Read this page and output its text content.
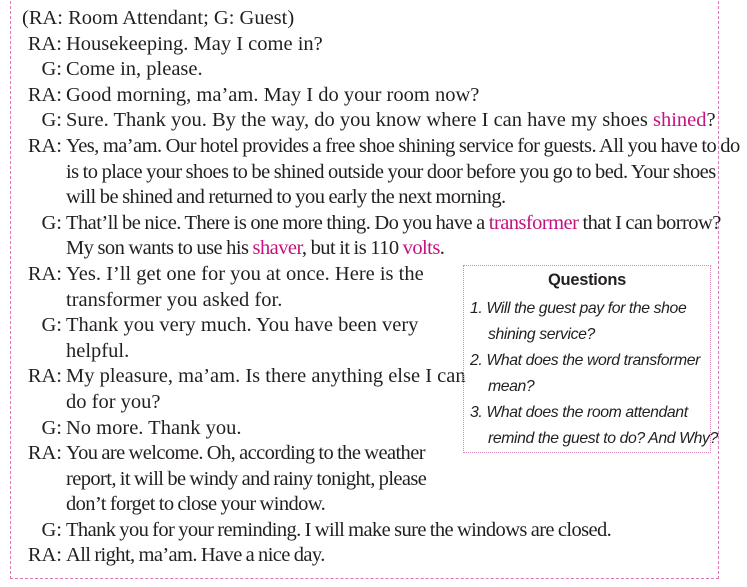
(RA: Room Attendant; G: Guest)
RA: Housekeeping. May I come in?
G: Come in, please.
RA: Good morning, ma’am. May I do your room now?
G: Sure. Thank you. By the way, do you know where I can have my shoes shined?
RA: Yes, ma’am. Our hotel provides a free shoe shining service for guests. All you have to do
is to place your shoes to be shined outside your door before you go to bed. Your shoes
will be shined and returned to you early the next morning.
G: That’ll be nice. There is one more thing. Do you have a transformer that I can borrow?
My son wants to use his shaver, but it is 110 volts.
RA: Yes. I’ll get one for you at once. Here is the
transformer you asked for.
G: Thank you very much. You have been very
helpful.
RA: My pleasure, ma’am. Is there anything else I can
do for you?
G: No more. Thank you.
RA: You are welcome. Oh, according to the weather
report, it will be windy and rainy tonight, please
don’t forget to close your window.
G: Thank you for your reminding. I will make sure the windows are closed.
RA: All right, ma’am. Have a nice day.
Questions
1. Will the guest pay for the shoe
shining service?
2. What does the word transformer
mean?
3. What does the room attendant
remind the guest to do? And Why?
